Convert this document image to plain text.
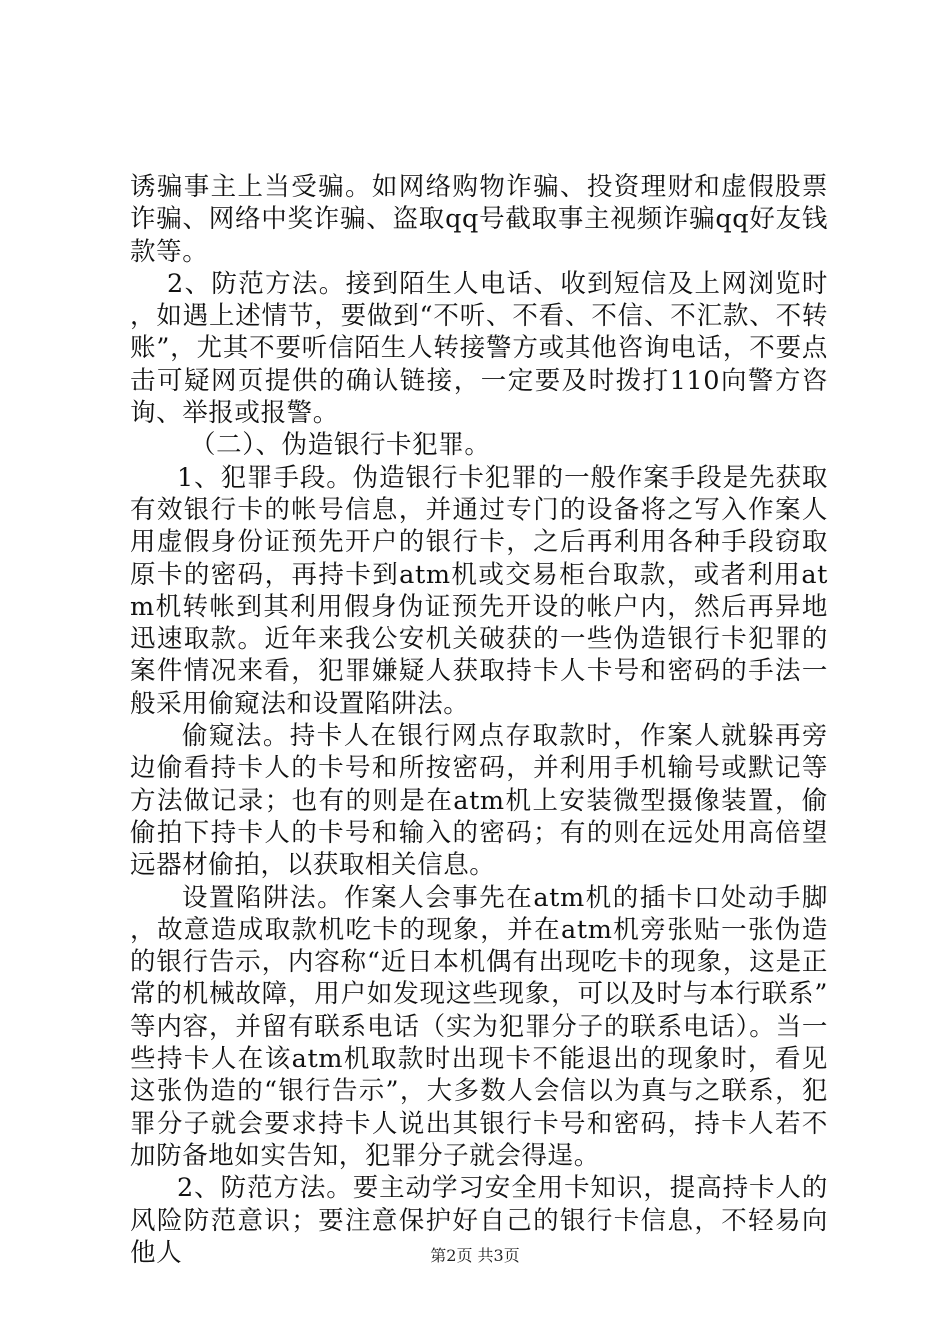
诱骗事主上当受骗。如网络购物诈骗、投资理财和虚假股票诈骗、网络中奖诈骗、盗取qq号截取事主视频诈骗qq好友钱款等。

2、防范方法。接到陌生人电话、收到短信及上网浏览时，如遇上述情节，要做到“不听、不看、不信、不汇款、不转账”，尤其不要听信陌生人转接警方或其他咨询电话，不要点击可疑网页提供的确认链接，一定要及时拨打110向警方咨询、举报或报警。

（二）、伪造银行卡犯罪。

1、犯罪手段。伪造银行卡犯罪的一般作案手段是先获取有效银行卡的帐号信息，并通过专门的设备将之写入作案人用虚假身份证预先开户的银行卡，之后再利用各种手段窃取原卡的密码，再持卡到atm机或交易柜台取款，或者利用atm机转帐到其利用假身伪证预先开设的帐户内，然后再异地迅速取款。近年来我公安机关破获的一些伪造银行卡犯罪的案件情况来看，犯罪嫌疑人获取持卡人卡号和密码的手法一般采用偷窥法和设置陷阱法。

偷窥法。持卡人在银行网点存取款时，作案人就躲再旁边偷看持卡人的卡号和所按密码，并利用手机输号或默记等方法做记录；也有的则是在atm机上安装微型摄像装置，偷偷拍下持卡人的卡号和输入的密码；有的则在远处用高倍望远器材偷拍，以获取相关信息。

设置陷阱法。作案人会事先在atm机的插卡口处动手脚，故意造成取款机吃卡的现象，并在atm机旁张贴一张伪造的银行告示，内容称“近日本机偶有出现吃卡的现象，这是正常的机械故障，用户如发现这些现象，可以及时与本行联系”等内容，并留有联系电话（实为犯罪分子的联系电话）。当一些持卡人在该atm机取款时出现卡不能退出的现象时，看见这张伪造的“银行告示”，大多数人会信以为真与之联系，犯罪分子就会要求持卡人说出其银行卡号和密码，持卡人若不加防备地如实告知，犯罪分子就会得逞。

2、防范方法。要主动学习安全用卡知识，提高持卡人的风险防范意识；要注意保护好自己的银行卡信息，不轻易向他人	第2页 共3页
